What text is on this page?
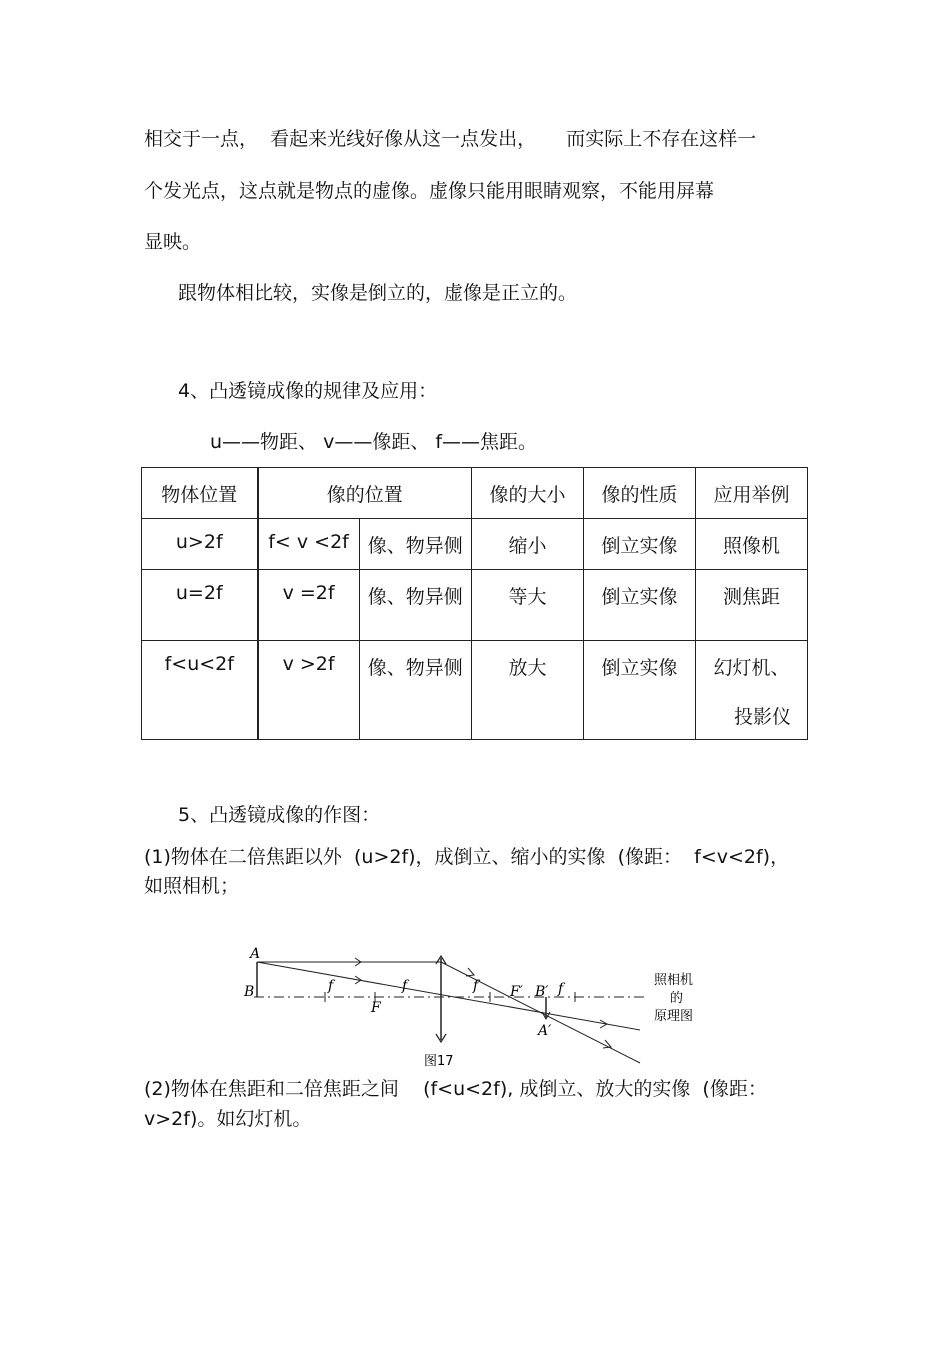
相交于一点，  看起来光线好像从这一点发出，     而实际上不存在这样一
个发光点，这点就是物点的虚像。虚像只能用眼睛观察，不能用屏幕
显映。
跟物体相比较，实像是倒立的，虚像是正立的。
4、凸透镜成像的规律及应用：
u——物距、 v——像距、 f——焦距。
物体位置	像的位置		像的大小	像的性质	应用举例
u>2f	f< v <2f	像、物异侧	缩小	倒立实像	照像机
u=2f	v =2f	像、物异侧	等大	倒立实像	测焦距
f<u<2f	v >2f	像、物异侧	放大	倒立实像	幻灯机、
投影仪
5、凸透镜成像的作图：
(1)物体在二倍焦距以外  (u>2f)，成倒立、缩小的实像  (像距：  f<v<2f)，
如照相机；
A
B	f
F
f	f F′ B′ f
A′
照相机
的
原理图
图17
(2)物体在焦距和二倍焦距之间    (f<u<2f), 成倒立、放大的实像  (像距：
v>2f)。如幻灯机。
